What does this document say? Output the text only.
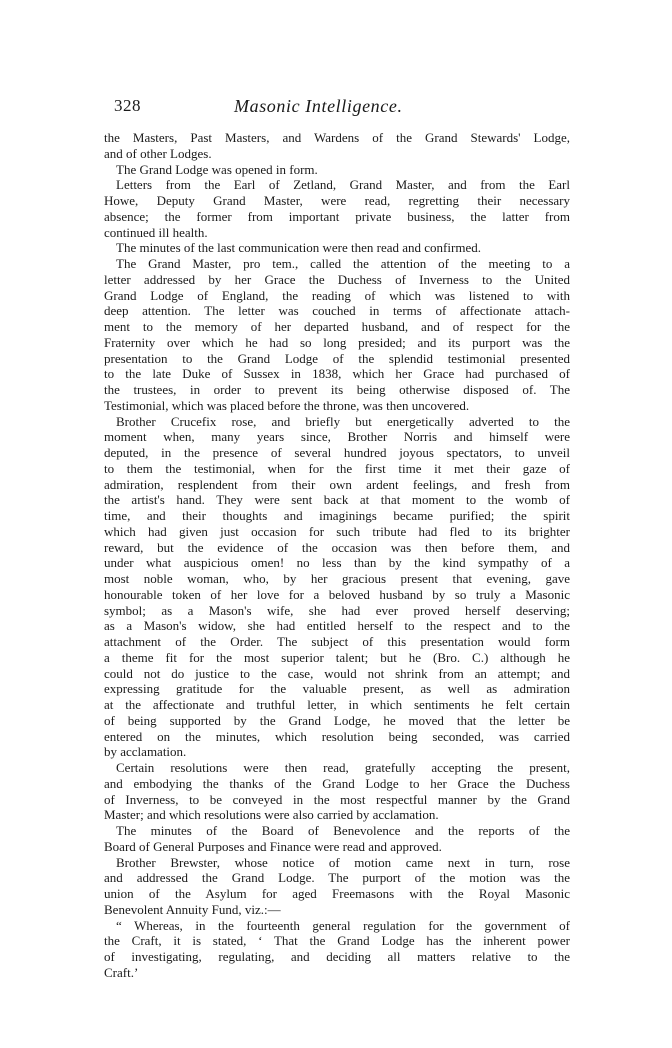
328	Masonic Intelligence.
the Masters, Past Masters, and Wardens of the Grand Stewards' Lodge,
and of other Lodges.
The Grand Lodge was opened in form.
Letters from the Earl of Zetland, Grand Master, and from the Earl
Howe, Deputy Grand Master, were read, regretting their necessary
absence; the former from important private business, the latter from
continued ill health.
The minutes of the last communication were then read and confirmed.
The Grand Master, pro tem., called the attention of the meeting to a
letter addressed by her Grace the Duchess of Inverness to the United
Grand Lodge of England, the reading of which was listened to with
deep attention. The letter was couched in terms of affectionate attach-
ment to the memory of her departed husband, and of respect for the
Fraternity over which he had so long presided; and its purport was the
presentation to the Grand Lodge of the splendid testimonial presented
to the late Duke of Sussex in 1838, which her Grace had purchased of
the trustees, in order to prevent its being otherwise disposed of. The
Testimonial, which was placed before the throne, was then uncovered.
Brother Crucefix rose, and briefly but energetically adverted to the
moment when, many years since, Brother Norris and himself were
deputed, in the presence of several hundred joyous spectators, to unveil
to them the testimonial, when for the first time it met their gaze of
admiration, resplendent from their own ardent feelings, and fresh from
the artist's hand. They were sent back at that moment to the womb of
time, and their thoughts and imaginings became purified; the spirit
which had given just occasion for such tribute had fled to its brighter
reward, but the evidence of the occasion was then before them, and
under what auspicious omen! no less than by the kind sympathy of a
most noble woman, who, by her gracious present that evening, gave
honourable token of her love for a beloved husband by so truly a Masonic
symbol; as a Mason's wife, she had ever proved herself deserving;
as a Mason's widow, she had entitled herself to the respect and to the
attachment of the Order. The subject of this presentation would form
a theme fit for the most superior talent; but he (Bro. C.) although he
could not do justice to the case, would not shrink from an attempt; and
expressing gratitude for the valuable present, as well as admiration
at the affectionate and truthful letter, in which sentiments he felt certain
of being supported by the Grand Lodge, he moved that the letter be
entered on the minutes, which resolution being seconded, was carried
by acclamation.
Certain resolutions were then read, gratefully accepting the present,
and embodying the thanks of the Grand Lodge to her Grace the Duchess
of Inverness, to be conveyed in the most respectful manner by the Grand
Master; and which resolutions were also carried by acclamation.
The minutes of the Board of Benevolence and the reports of the
Board of General Purposes and Finance were read and approved.
Brother Brewster, whose notice of motion came next in turn, rose
and addressed the Grand Lodge. The purport of the motion was the
union of the Asylum for aged Freemasons with the Royal Masonic
Benevolent Annuity Fund, viz.:—
“ Whereas, in the fourteenth general regulation for the government of
the Craft, it is stated, ‘ That the Grand Lodge has the inherent power
of investigating, regulating, and deciding all matters relative to the
Craft.’
